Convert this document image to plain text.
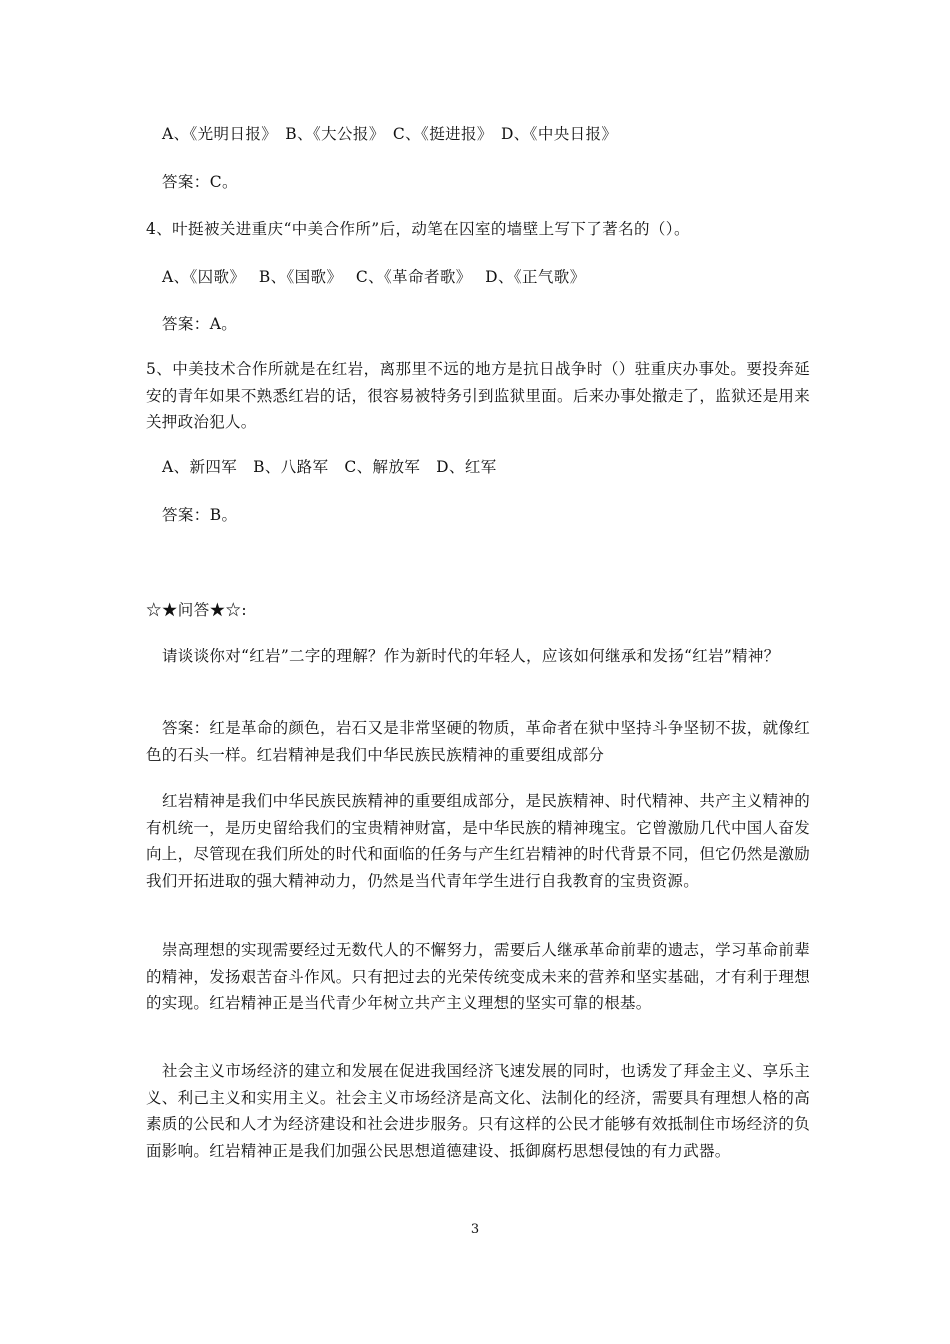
A、《光明日报》　B、《大公报》　C、《挺进报》　D、《中央日报》
答案：C。
4、叶挺被关进重庆“中美合作所”后，动笔在囚室的墙壁上写下了著名的（）。
A、《囚歌》　 B、《国歌》　 C、《革命者歌》　 D、《正气歌》
答案：A。

5、中美技术合作所就是在红岩，离那里不远的地方是抗日战争时（）驻重庆办事处。要投奔延安的青年如果不熟悉红岩的话，很容易被特务引到监狱里面。后来办事处撤走了，监狱还是用来关押政治犯人。

A、新四军　B、八路军　C、解放军　D、红军
答案：B。
☆★问答★☆:

请谈谈你对“红岩”二字的理解？作为新时代的年轻人，应该如何继承和发扬“红岩”精神？

答案：红是革命的颜色，岩石又是非常坚硬的物质，革命者在狱中坚持斗争坚韧不拔，就像红色的石头一样。红岩精神是我们中华民族民族精神的重要组成部分

红岩精神是我们中华民族民族精神的重要组成部分，是民族精神、时代精神、共产主义精神的有机统一，是历史留给我们的宝贵精神财富，是中华民族的精神瑰宝。它曾激励几代中国人奋发向上，尽管现在我们所处的时代和面临的任务与产生红岩精神的时代背景不同，但它仍然是激励我们开拓进取的强大精神动力，仍然是当代青年学生进行自我教育的宝贵资源。

崇高理想的实现需要经过无数代人的不懈努力，需要后人继承革命前辈的遗志，学习革命前辈的精神，发扬艰苦奋斗作风。只有把过去的光荣传统变成未来的营养和坚实基础，才有利于理想的实现。红岩精神正是当代青少年树立共产主义理想的坚实可靠的根基。

社会主义市场经济的建立和发展在促进我国经济飞速发展的同时，也诱发了拜金主义、享乐主义、利己主义和实用主义。社会主义市场经济是高文化、法制化的经济，需要具有理想人格的高素质的公民和人才为经济建设和社会进步服务。只有这样的公民才能够有效抵制住市场经济的负面影响。红岩精神正是我们加强公民思想道德建设、抵御腐朽思想侵蚀的有力武器。

3
